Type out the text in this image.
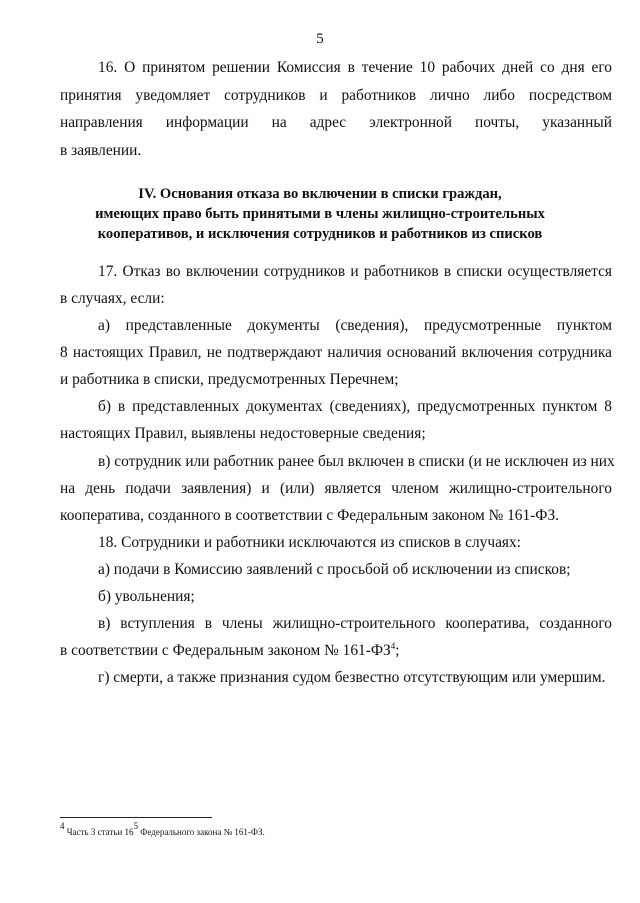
5
16. О принятом решении Комиссия в течение 10 рабочих дней со дня его
принятия уведомляет сотрудников и работников лично либо посредством
направления информации на адрес электронной почты, указанный
в заявлении.
IV. Основания отказа во включении в списки граждан,
имеющих право быть принятыми в члены жилищно-строительных
кооперативов, и исключения сотрудников и работников из списков
17. Отказ во включении сотрудников и работников в списки осуществляется
в случаях, если:
а) представленные документы (сведения), предусмотренные пунктом
8 настоящих Правил, не подтверждают наличия оснований включения сотрудника
и работника в списки, предусмотренных Перечнем;
б) в представленных документах (сведениях), предусмотренных пунктом 8
настоящих Правил, выявлены недостоверные сведения;
в) сотрудник или работник ранее был включен в списки (и не исключен из них
на день подачи заявления) и (или) является членом жилищно-строительного
кооператива, созданного в соответствии с Федеральным законом № 161-ФЗ.
18. Сотрудники и работники исключаются из списков в случаях:
а) подачи в Комиссию заявлений с просьбой об исключении из списков;
б) увольнения;
в) вступления в члены жилищно-строительного кооператива, созданного
в соответствии с Федеральным законом № $161-ФЗ^4$;
г) смерти, а также признания судом безвестно отсутствующим или умершим.
$^4$ Часть 3 статьи $16^5$ Федерального закона № 161-ФЗ.
